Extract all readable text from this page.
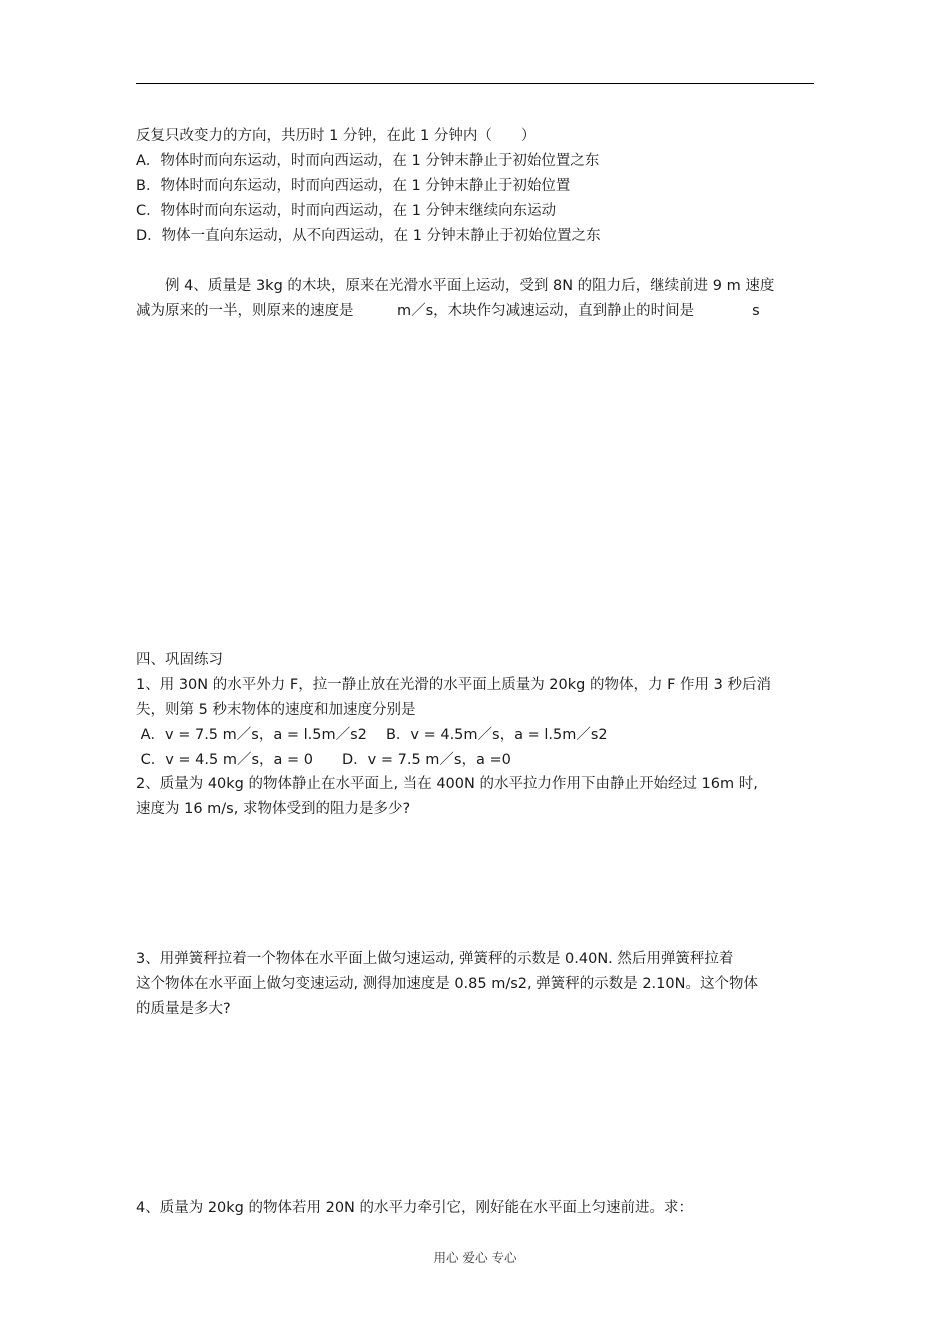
反复只改变力的方向，共历时 1 分钟，在此 1 分钟内（　　）
A．物体时而向东运动，时而向西运动，在 1 分钟末静止于初始位置之东
B．物体时而向东运动，时而向西运动，在 1 分钟末静止于初始位置
C．物体时而向东运动，时而向西运动，在 1 分钟末继续向东运动
D．物体一直向东运动，从不向西运动，在 1 分钟末静止于初始位置之东
　　例 4、质量是 3kg 的木块，原来在光滑水平面上运动，受到 8N 的阻力后，继续前进 9 m 速度
减为原来的一半，则原来的速度是　　　m／s，木块作匀减速运动，直到静止的时间是　　　　s
四、巩固练习
1、用 30N 的水平外力 F，拉一静止放在光滑的水平面上质量为 20kg 的物体，力 F 作用 3 秒后消
失，则第 5 秒末物体的速度和加速度分别是
A．v = 7.5 m／s，a = l.5m／s2　 B．v = 4.5m／s，a = l.5m／s2
C．v = 4.5 m／s，a = 0　　D．v = 7.5 m／s，a =0
2、质量为 40kg 的物体静止在水平面上, 当在 400N 的水平拉力作用下由静止开始经过 16m 时,
速度为 16 m/s, 求物体受到的阻力是多少?
3、用弹簧秤拉着一个物体在水平面上做匀速运动, 弹簧秤的示数是 0.40N. 然后用弹簧秤拉着
这个物体在水平面上做匀变速运动, 测得加速度是 0.85 m/s2, 弹簧秤的示数是 2.10N。这个物体
的质量是多大?
4、质量为 20kg 的物体若用 20N 的水平力牵引它，刚好能在水平面上匀速前进。求：
用心 爱心 专心
